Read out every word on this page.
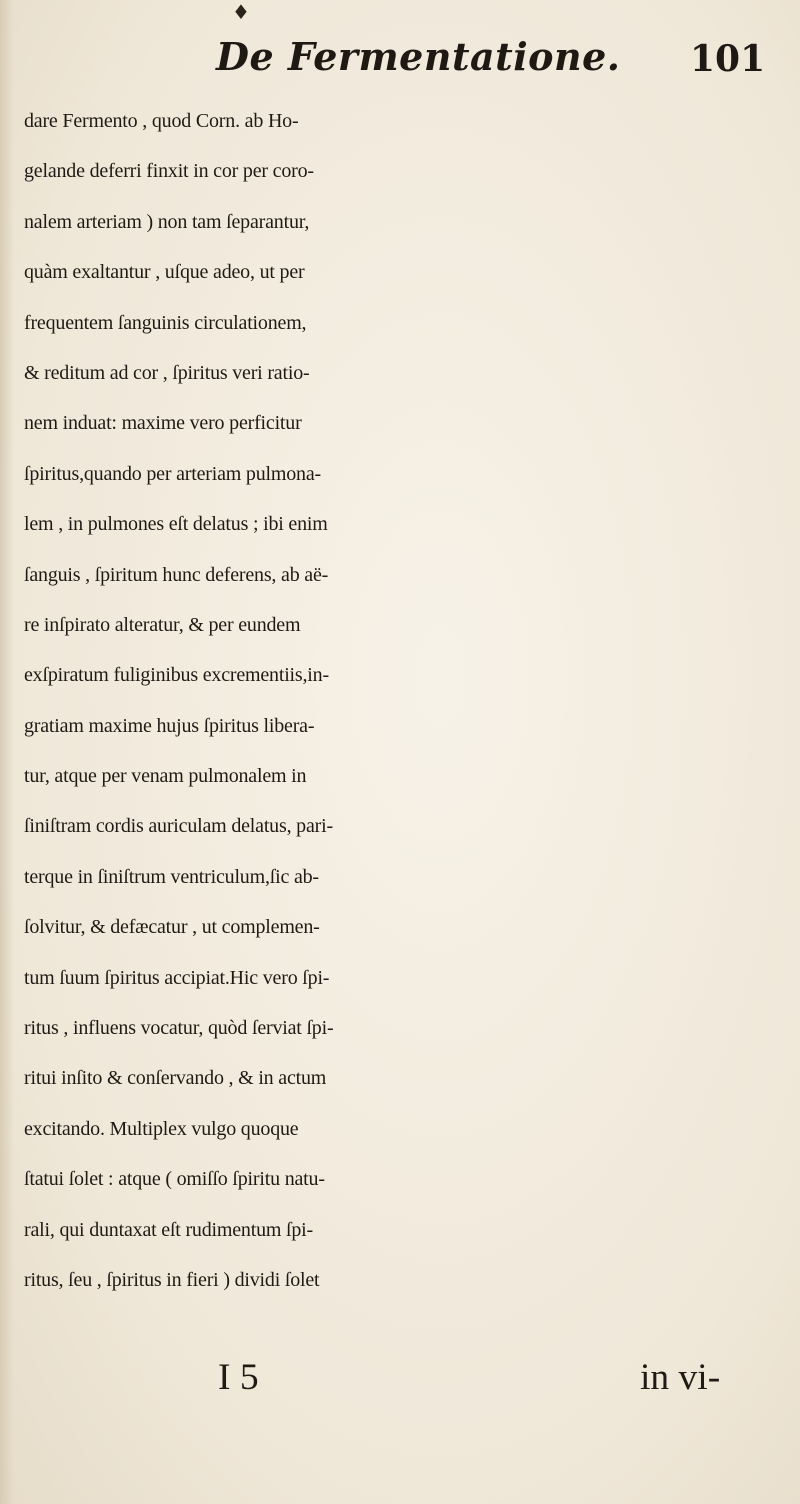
♦
De Fermentatione. 101
dare Fermento , quod Corn. ab Ho-
gelande deferri finxit in cor per coro-
nalem arteriam ) non tam ſeparantur,
quàm exaltantur , uſque adeo, ut per
frequentem ſanguinis circulationem,
& reditum ad cor , ſpiritus veri ratio-
nem induat: maxime vero perficitur
ſpiritus,quando per arteriam pulmona-
lem , in pulmones eſt delatus ; ibi enim
ſanguis , ſpiritum hunc deferens, ab aë-
re inſpirato alteratur, & per eundem
exſpiratum fuliginibus excrementiis,in-
gratiam maxime hujus ſpiritus libera-
tur, atque per venam pulmonalem in
ſiniſtram cordis auriculam delatus, pari-
terque in ſiniſtrum ventriculum,ſic ab-
ſolvitur, & defæcatur , ut complemen-
tum ſuum ſpiritus accipiat.Hic vero ſpi-
ritus , influens vocatur, quòd ſerviat ſpi-
ritui inſito & conſervando , & in actum
excitando. Multiplex vulgo quoque
ſtatui ſolet : atque ( omiſſo ſpiritu natu-
rali, qui duntaxat eſt rudimentum ſpi-
ritus, ſeu , ſpiritus in fieri ) dividi ſolet
I 5	in vi-
